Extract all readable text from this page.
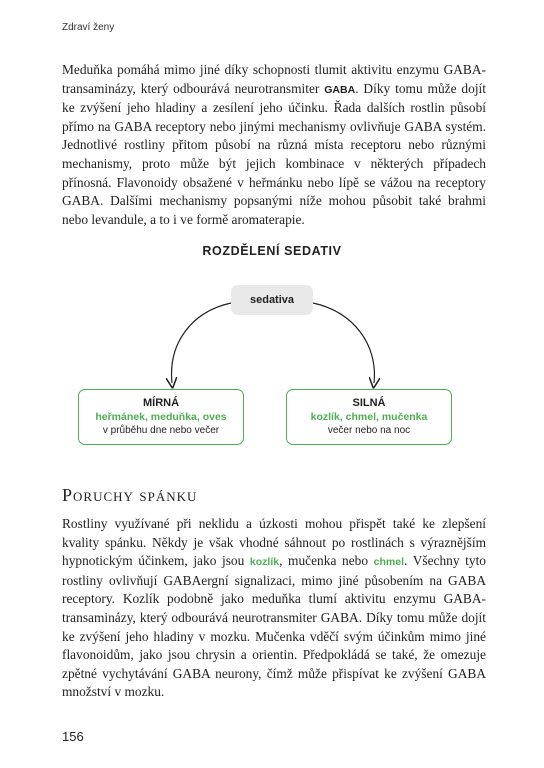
Zdraví ženy

Meduňka pomáhá mimo jiné díky schopnosti tlumit aktivitu enzymu GABA-transaminázy, který odbourává neurotransmiter GABA. Díky tomu může dojít ke zvýšení jeho hladiny a zesílení jeho účinku. Řada dalších rostlin působí přímo na GABA receptory nebo jinými mechanismy ovlivňuje GABA systém. Jednotlivé rostliny přitom působí na různá místa receptoru nebo různými mechanismy, proto může být jejich kombinace v některých případech přínosná. Flavonoidy obsažené v heřmánku nebo lípě se vážou na receptory GABA. Dalšími mechanismy popsanými níže mohou působit také brahmi nebo levandule, a to i ve formě aromaterapie.

ROZDĚLENÍ SEDATIV
sedativa
MÍRNÁ
heřmánek, meduňka, oves
v průběhu dne nebo večer
SILNÁ
kozlík, chmel, mučenka
večer nebo na noc
Poruchy spánku

Rostliny využívané při neklidu a úzkosti mohou přispět také ke zlepšení kvality spánku. Někdy je však vhodné sáhnout po rostlinách s výraznějším hypnotickým účinkem, jako jsou kozlík, mučenka nebo chmel. Všechny tyto rostliny ovlivňují GABAergní signalizaci, mimo jiné působením na GABA receptory. Kozlík podobně jako meduňka tlumí aktivitu enzymu GABA-transaminázy, který odbourává neurotransmiter GABA. Díky tomu může dojít ke zvýšení jeho hladiny v mozku. Mučenka vděčí svým účinkům mimo jiné flavonoidům, jako jsou chrysin a orientin. Předpokládá se také, že omezuje zpětné vychytávání GABA neurony, čímž může přispívat ke zvýšení GABA množství v mozku.

156
